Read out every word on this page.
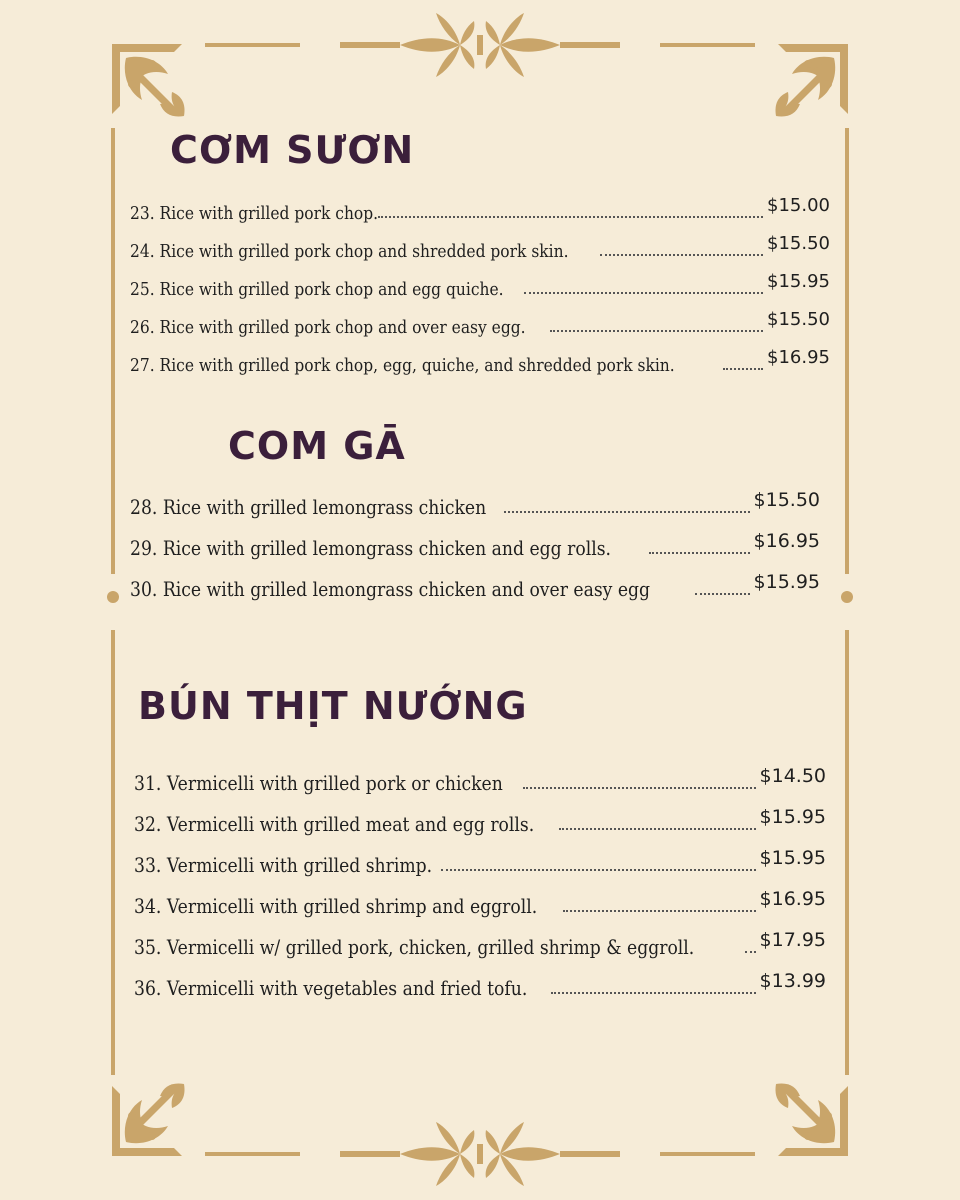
CƠM SƯƠN
23. Rice with grilled pork chop.	$15.00
24. Rice with grilled pork chop and shredded pork skin.	$15.50
25. Rice with grilled pork chop and egg quiche.	$15.95
26. Rice with grilled pork chop and over easy egg.	$15.50
27. Rice with grilled pork chop, egg, quiche, and shredded pork skin.	$16.95
COM GĀ
28. Rice with grilled lemongrass chicken	$15.50
29. Rice with grilled lemongrass chicken and egg rolls.	$16.95
30. Rice with grilled lemongrass chicken and over easy egg	$15.95
BÚN THỊT NƯỚNG
31. Vermicelli with grilled pork or chicken	$14.50
32. Vermicelli with grilled meat and egg rolls.	$15.95
33. Vermicelli with grilled shrimp.	$15.95
34. Vermicelli with grilled shrimp and eggroll.	$16.95
35. Vermicelli w/ grilled pork, chicken, grilled shrimp & eggroll.	$17.95
36. Vermicelli with vegetables and fried tofu.	$13.99
